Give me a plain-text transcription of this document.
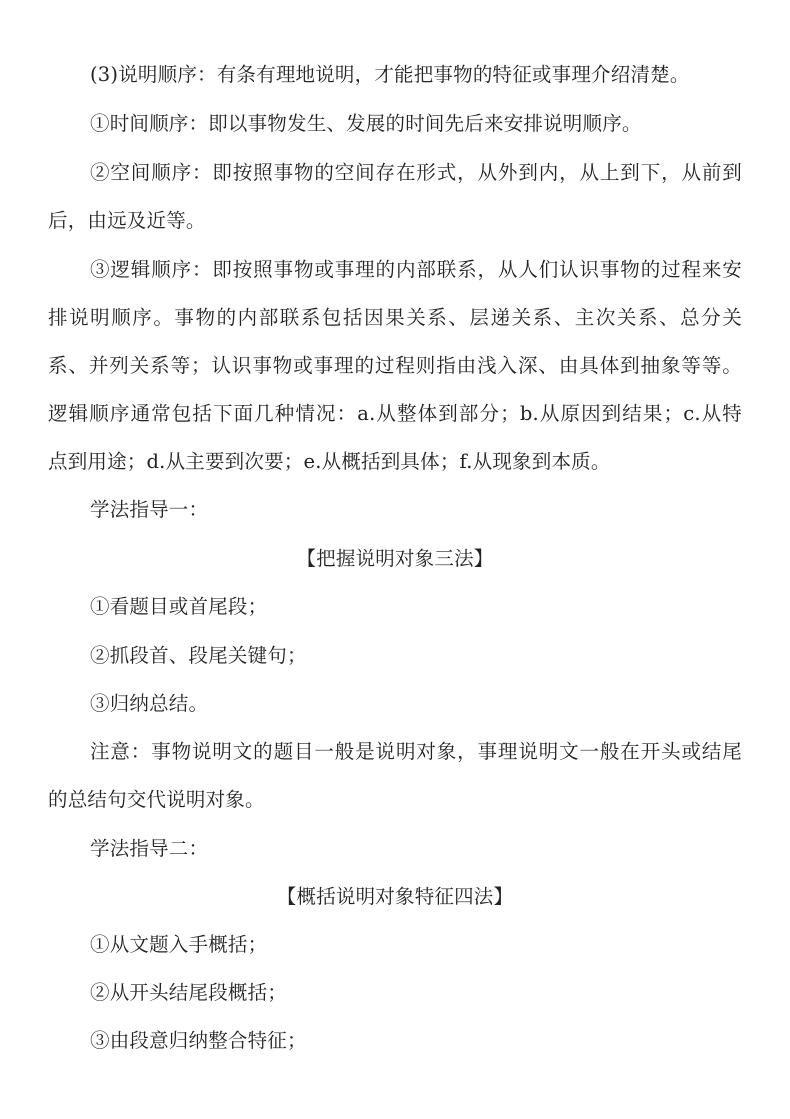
(3)说明顺序：有条有理地说明，才能把事物的特征或事理介绍清楚。
①时间顺序：即以事物发生、发展的时间先后来安排说明顺序。
②空间顺序：即按照事物的空间存在形式，从外到内，从上到下，从前到
后，由远及近等。
③逻辑顺序：即按照事物或事理的内部联系，从人们认识事物的过程来安
排说明顺序。事物的内部联系包括因果关系、层递关系、主次关系、总分关
系、并列关系等；认识事物或事理的过程则指由浅入深、由具体到抽象等等。
逻辑顺序通常包括下面几种情况：a.从整体到部分；b.从原因到结果；c.从特
点到用途；d.从主要到次要；e.从概括到具体；f.从现象到本质。
学法指导一：
【把握说明对象三法】
①看题目或首尾段；
②抓段首、段尾关键句；
③归纳总结。
注意：事物说明文的题目一般是说明对象，事理说明文一般在开头或结尾
的总结句交代说明对象。
学法指导二：
【概括说明对象特征四法】
①从文题入手概括；
②从开头结尾段概括；
③由段意归纳整合特征；
